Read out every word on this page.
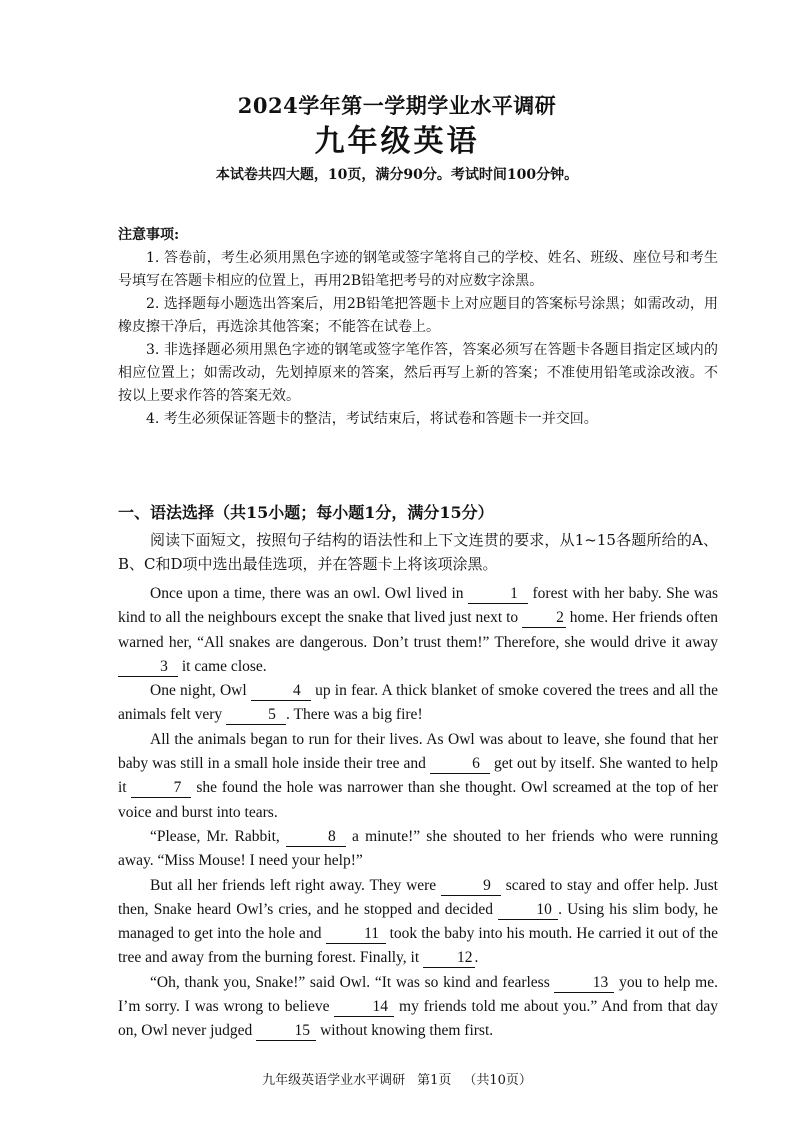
2024学年第一学期学业水平调研
九年级英语
本试卷共四大题，10页，满分90分。考试时间100分钟。
注意事项:

1. 答卷前，考生必须用黑色字迹的钢笔或签字笔将自己的学校、姓名、班级、座位号和考生号填写在答题卡相应的位置上，再用2B铅笔把考号的对应数字涂黑。

2. 选择题每小题选出答案后，用2B铅笔把答题卡上对应题目的答案标号涂黑；如需改动，用橡皮擦干净后，再选涂其他答案；不能答在试卷上。

3. 非选择题必须用黑色字迹的钢笔或签字笔作答，答案必须写在答题卡各题目指定区域内的相应位置上；如需改动，先划掉原来的答案，然后再写上新的答案；不准使用铅笔或涂改液。不按以上要求作答的答案无效。

4. 考生必须保证答题卡的整洁，考试结束后，将试卷和答题卡一并交回。

一、语法选择（共15小题；每小题1分，满分15分）

阅读下面短文，按照句子结构的语法性和上下文连贯的要求，从1~15各题所给的A、B、C和D项中选出最佳选项，并在答题卡上将该项涂黑。

Once upon a time, there was an owl. Owl lived in	1 forest with her baby. She was kind to all the neighbours except the snake that lived just next to 2 home. Her friends often warned her, “All snakes are dangerous. Don’t trust them!” Therefore, she would drive it away 3 it came close.

One night, Owl	4 up in fear. A thick blanket of smoke covered the trees and all the animals felt very	5 . There was a big fire!

All the animals began to run for their lives. As Owl was about to leave, she found that her baby was still in a small hole inside their tree and	6 get out by itself. She wanted to help it	7 she found the hole was narrower than she thought. Owl screamed at the top of her voice and burst into tears.

“Please, Mr. Rabbit,	8 a minute!” she shouted to her friends who were running away. “Miss Mouse! I need your help!”

But all her friends left right away. They were	9 scared to stay and offer help. Just then, Snake heard Owl’s cries, and he stopped and decided 10 . Using his slim body, he managed to get into the hole and 11 took the baby into his mouth. He carried it out of the tree and away from the burning forest. Finally, it 12 .

“Oh, thank you, Snake!” said Owl. “It was so kind and fearless 13 you to help me. I’m sorry. I was wrong to believe 14 my friends told me about you.” And from that day on, Owl never judged 15 without knowing them first.

九年级英语学业水平调研 第1页 （共10页）
